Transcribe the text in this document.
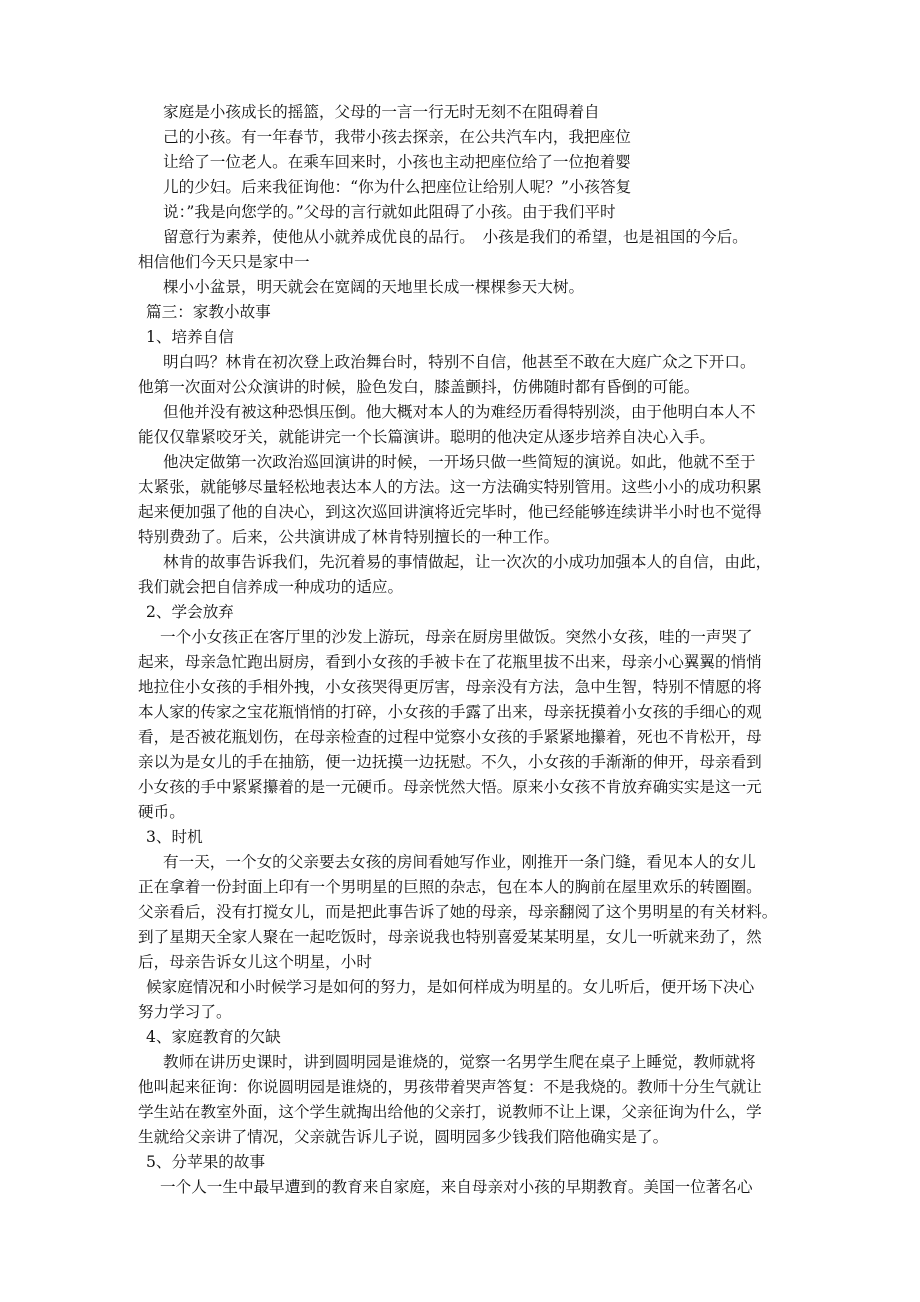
家庭是小孩成长的摇篮，父母的一言一行无时无刻不在阻碍着自
己的小孩。有一年春节，我带小孩去探亲，在公共汽车内，我把座位
让给了一位老人。在乘车回来时，小孩也主动把座位给了一位抱着婴
儿的少妇。后来我征询他：“你为什么把座位让给别人呢？”小孩答复
说：”我是向您学的。”父母的言行就如此阻碍了小孩。由于我们平时
留意行为素养，使他从小就养成优良的品行。　小孩是我们的希望，也是祖国的今后。
相信他们今天只是家中一
棵小小盆景，明天就会在宽阔的天地里长成一棵棵参天大树。
篇三：家教小故事
1、培养自信
明白吗？林肯在初次登上政治舞台时，特别不自信，他甚至不敢在大庭广众之下开口。
他第一次面对公众演讲的时候，脸色发白，膝盖颤抖，仿佛随时都有昏倒的可能。
但他并没有被这种恐惧压倒。他大概对本人的为难经历看得特别淡，由于他明白本人不
能仅仅靠紧咬牙关，就能讲完一个长篇演讲。聪明的他决定从逐步培养自决心入手。
他决定做第一次政治巡回演讲的时候，一开场只做一些简短的演说。如此，他就不至于
太紧张，就能够尽量轻松地表达本人的方法。这一方法确实特别管用。这些小小的成功积累
起来便加强了他的自决心，到这次巡回讲演将近完毕时，他已经能够连续讲半小时也不觉得
特别费劲了。后来，公共演讲成了林肯特别擅长的一种工作。
林肯的故事告诉我们，先沉着易的事情做起，让一次次的小成功加强本人的自信，由此，
我们就会把自信养成一种成功的适应。
2、学会放弃
一个小女孩正在客厅里的沙发上游玩，母亲在厨房里做饭。突然小女孩，哇的一声哭了
起来，母亲急忙跑出厨房，看到小女孩的手被卡在了花瓶里拔不出来，母亲小心翼翼的悄悄
地拉住小女孩的手相外拽，小女孩哭得更厉害，母亲没有方法，急中生智，特别不情愿的将
本人家的传家之宝花瓶悄悄的打碎，小女孩的手露了出来，母亲抚摸着小女孩的手细心的观
看，是否被花瓶划伤，在母亲检查的过程中觉察小女孩的手紧紧地攥着，死也不肯松开，母
亲以为是女儿的手在抽筋，便一边抚摸一边抚慰。不久，小女孩的手渐渐的伸开，母亲看到
小女孩的手中紧紧攥着的是一元硬币。母亲恍然大悟。原来小女孩不肯放弃确实实是这一元
硬币。
3、时机
有一天，一个女的父亲要去女孩的房间看她写作业，刚推开一条门缝，看见本人的女儿
正在拿着一份封面上印有一个男明星的巨照的杂志，包在本人的胸前在屋里欢乐的转圈圈。
父亲看后，没有打搅女儿，而是把此事告诉了她的母亲，母亲翻阅了这个男明星的有关材料。
到了星期天全家人聚在一起吃饭时，母亲说我也特别喜爱某某明星，女儿一听就来劲了，然
后，母亲告诉女儿这个明星，小时
候家庭情况和小时候学习是如何的努力，是如何样成为明星的。女儿听后，便开场下决心
努力学习了。
4、家庭教育的欠缺
教师在讲历史课时，讲到圆明园是谁烧的，觉察一名男学生爬在桌子上睡觉，教师就将
他叫起来征询：你说圆明园是谁烧的，男孩带着哭声答复：不是我烧的。教师十分生气就让
学生站在教室外面，这个学生就掏出给他的父亲打，说教师不让上课，父亲征询为什么，学
生就给父亲讲了情况，父亲就告诉儿子说，圆明园多少钱我们陪他确实是了。
5、分苹果的故事
一个人一生中最早遭到的教育来自家庭，来自母亲对小孩的早期教育。美国一位著名心
